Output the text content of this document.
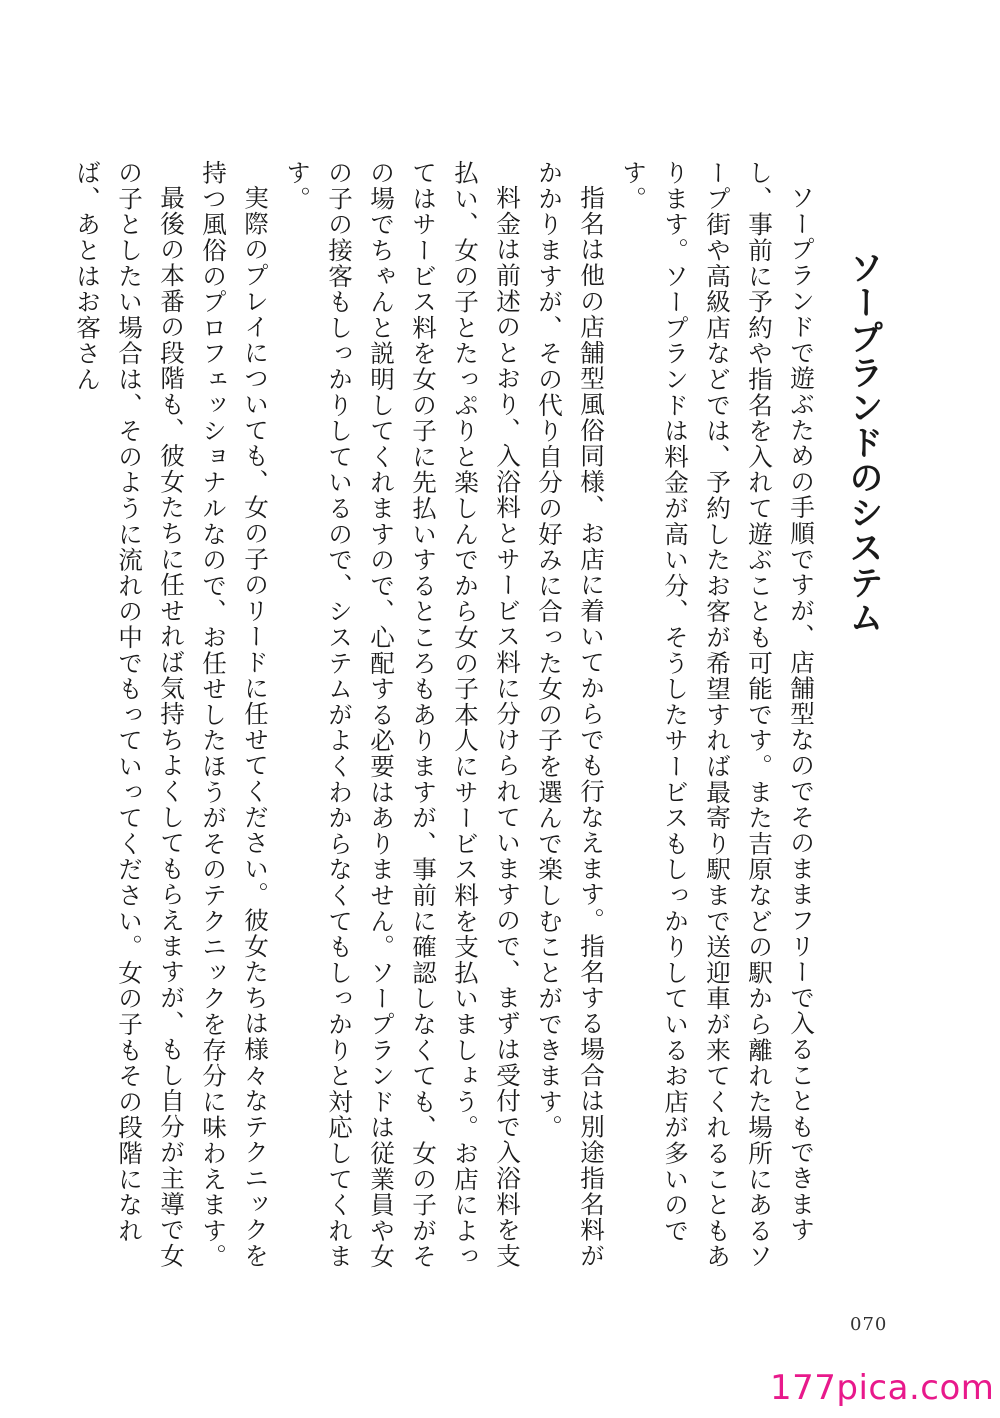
ソープランドのシステム

ソープランドで遊ぶための手順ですが、店舗型なのでそのままフリーで入ることもできますし、事前に予約や指名を入れて遊ぶことも可能です。また吉原などの駅から離れた場所にあるソープ街や高級店などでは、予約したお客が希望すれば最寄り駅まで送迎車が来てくれることもあります。ソープランドは料金が高い分、そうしたサービスもしっかりしているお店が多いのです。

指名は他の店舗型風俗同様、お店に着いてからでも行なえます。指名する場合は別途指名料がかかりますが、その代り自分の好みに合った女の子を選んで楽しむことができます。

料金は前述のとおり、入浴料とサービス料に分けられていますので、まずは受付で入浴料を支払い、女の子とたっぷりと楽しんでから女の子本人にサービス料を支払いましょう。お店によってはサービス料を女の子に先払いするところもありますが、事前に確認しなくても、女の子がその場でちゃんと説明してくれますので、心配する必要はありません。ソープランドは従業員や女の子の接客もしっかりしているので、システムがよくわからなくてもしっかりと対応してくれます。

実際のプレイについても、女の子のリードに任せてください。彼女たちは様々なテクニックを持つ風俗のプロフェッショナルなので、お任せしたほうがそのテクニックを存分に味わえます。

最後の本番の段階も、彼女たちに任せれば気持ちよくしてもらえますが、もし自分が主導で女の子としたい場合は、そのように流れの中でもっていってください。女の子もその段階になれば、あとはお客さん

070
177pica.com
